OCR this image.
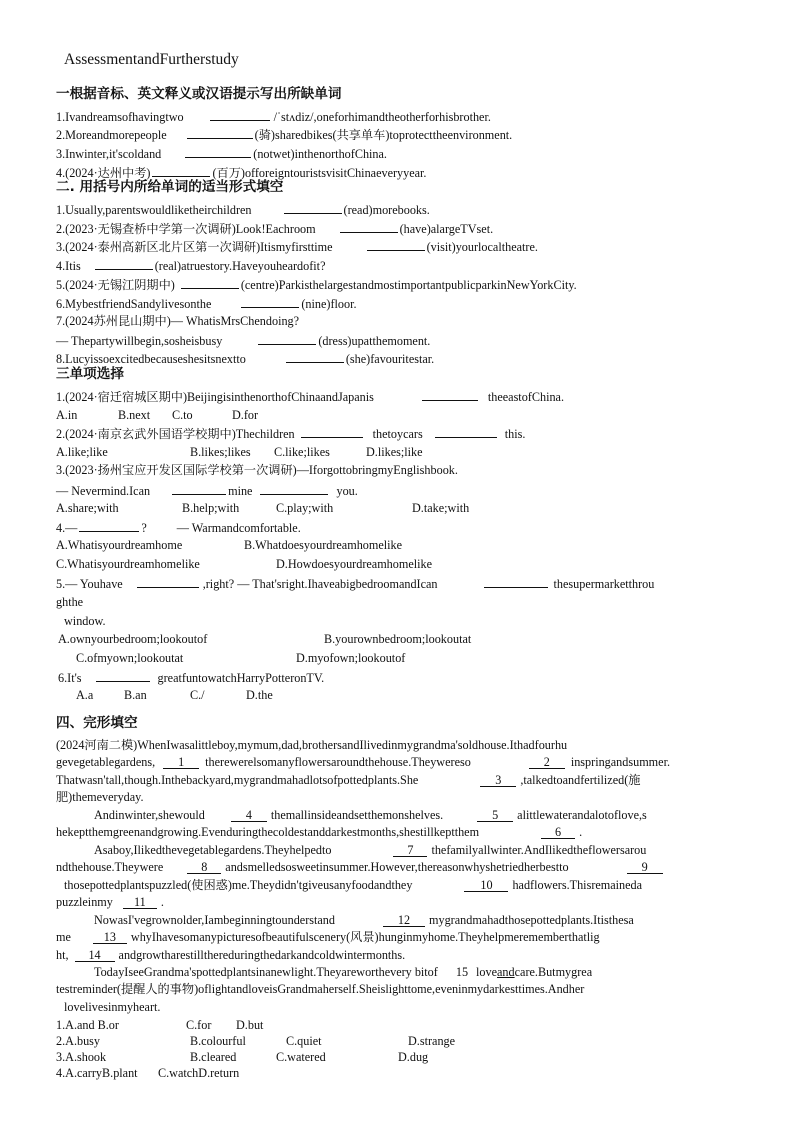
AssessmentandFurtherstudy
一根据音标、英文释义或汉语提示写出所缺单词
1.Ivandreamsofhavingtwo	/ˈstʌdiz/,oneforhimandtheotherforhisbrother.
2.Moreandmorepeople	(骑)sharedbikes(共享单车)toprotecttheenvironment.
3.Inwinter,it'scoldand	(notwet)inthenorthofChina.
4.(2024·达州中考)	(百万)offoreigntouristsvisitChinaeveryyear.
二. 用括号内所给单词的适当形式填空
1.Usually,parentswouldliketheirchildren	(read)morebooks.
2.(2023·无锡查桥中学第一次调研)Look!Eachroom	(have)alargeTVset.
3.(2024·泰州高新区北片区第一次调研)Itismyfirsttime	(visit)yourlocaltheatre.
4.Itis	(real)atruestory.Haveyouheardofit?
5.(2024·无锡江阴期中)	(centre)ParkisthelargestandmostimportantpublicparkinNewYorkCity.
6.MybestfriendSandylivesonthe	(nine)floor.
7.(2024苏州昆山期中)— WhatisMrsChendoing?
— Thepartywillbegin,sosheisbusy	(dress)upatthemoment.
8.Lucyissoexcitedbecauseshesitsnextto	(she)favouritestar.
三单项选择
1.(2024·宿迁宿城区期中)BeijingisinthenorthofChinaandJapanis	theeastofChina.
A.in	B.next C.to	D.for
2.(2024·南京玄武外国语学校期中)Thechildren	thetoycars	this.
A.like;like	B.likes;likes C.like;likes	D.likes;like
3.(2023·扬州宝应开发区国际学校第一次调研)—IforgottobringmyEnglishbook.
— Nevermind.Ican	mine	you.
A.share;with	B.help;with	C.play;with	D.take;with
4.—	? — Warmandcomfortable.
A.Whatisyourdreamhome	B.Whatdoesyourdreamhomelike
C.Whatisyourdreamhomelike	D.Howdoesyourdreamhomelike
5.— Youhave	,right? — That'sright.IhaveabigbedroomandIcan	thesupermarketthrou
ghthe
window.
A.ownyourbedroom;lookoutof	B.yourownbedroom;lookoutat
C.ofmyown;lookoutat	D.myofown;lookoutof
6.It's	greatfuntowatchHarryPotteronTV.
A.a	B.an	C./	D.the
四、完形填空
(2024河南二模)WhenIwasalittleboy,mymum,dad,brothersandIlivedinmygrandma'soldhouse.Ithadfourhu
gevegetablegardens,	1	therewerelsomanyflowersaroundthehouse.Theywereso	2	inspringandsummer.
Thatwasn'tall,though.Inthebackyard,mygrandmahadlotsofpottedplants.She	3	,talkedtoandfertilized(施
肥)themeveryday.
Andinwinter,shewould	4	themallinsideandsetthemonshelves.	5	alittlewaterandalotoflove,s
hekeptthemgreenandgrowing.Evenduringthecoldestanddarkestmonths,shestillkeptthem	6	.
Asaboy,Ilikedthevegetablegardens.Theyhelpedto	7	thefamilyallwinter.AndIlikedtheflowersarou
ndthehouse.Theywere	8	andsmelledsosweetinsummer.However,thereasonwhyshetriedherbestto	9
thosepottedplantspuzzled(使困惑)me.Theydidn'tgiveusanyfoodandthey	10	hadflowers.Thisremaineda
puzzleinmy	11	.
NowasI'vegrownolder,Iambeginningtounderstand	12	mygrandmahadthosepottedplants.Itisthesa
me	13	whyIhavesomanypicturesofbeautifulscenery(风景)hunginmyhome.Theyhelpmerememberthatlig
ht,	14	andgrowtharestillthereduringthedarkandcoldwintermonths.
TodayIseeGrandma'spottedplantsinanewlight.Theyareworthevery bitof 15 loveandcare.Butmygrea
testreminder(提醒人的事物)oflightandloveisGrandmaherself.Sheislighttome,eveninmydarkesttimes.Andher
lovelivesinmyheart.
1.A.and B.or	C.for D.but
2.A.busy	B.colourful	C.quiet	D.strange
3.A.shook	B.cleared	C.watered	D.dug
4.A.carryB.plant C.watchD.return
